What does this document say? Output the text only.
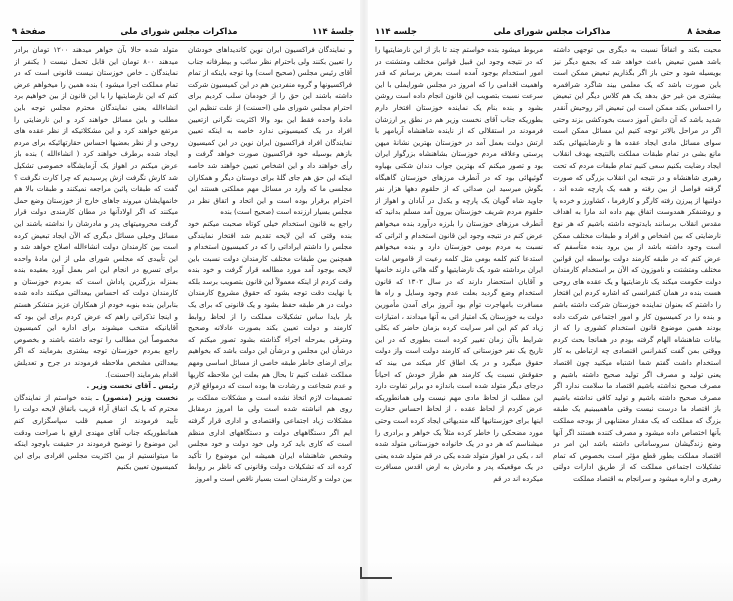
صفحهٔ ۸
مذاکرات مجلس شورای ملی
جلسه ۱۱۴

محیت بکند و اتفاقاً نسبت به دیگری بی توجهی داشته باشد همین تبعیض باعث خواهد شد که بجمع دیگر نیز بویسیله شود و حتی باز اگر بگذاریم تبعیض ممکن است باین صورت باشد که یک معلمی بیند شاگرد شرافمره بیشتری من غیر حق بدهد یک هم کلاس دیگر این تبعیض را احساس بکند ممکن است این تبعیض اثر روحیش آنقدر شدید باشد که آن دانش آموز دست بخودکشی بزند وحتی اگر در مراحل بالاتر توجه کنیم این مسائل ممکن است سوای مسائل مادی ایجاد عقده ها و نارضایتیهائی بکند مانع بشی در تمام طبقات مملکت بالنتیجه بهدف انقلاب ایجاد رضایت بکنیم سعی کنیم تمام طبقات مردم که تحت رهبری شاهنشاه و در نتیجه این انقلاب بزرگی که صورت گرفته فواصل از بین رفته و همه یک پارچه شده اند ، دولتیها از پیرزن رفته کارگر و کارفرما ، کشاورز و خرده پا و روشنفکر همدوست اتفاق بهم داده اند مارا به اهداف مقدس انقلاب برسانند بایدتوجه داشته باشیم که هر نوع نارضایتی که بین اشخاص و افراد و طبقات مختلف ممکن است وجود داشته باشد از بین برود بنده متأسفم که عرض کنم که در طبقه کارمند دولت بواسطه این قوانین مختلف ومتشتت و ناموزون که الآن بر استخدام کارمندان دولت حکومت میکند یک نارضایتیها و یک عقده های روحی هست بنده در همان کنفرانسی که اشاره کردم این افتخار را داشتم که بعنوان نماینده خوزستان شرکت داشته باشم و بنده را در کمیسیون کار و امور اجتماعی شرکت داده بودند همین موضوع قانون استخدام کشوری را که از بیانات شاهنشاه الهام گرفته بودم در همانجا بحث کردم ووقتی بمن گفت کنفرانس اقتصادی چه ارتباطی به کار استخدام داشت گفتم شما اشتباه میکنید چون اقتصاد یعنی تولید و مصرف اگر تولید صحیح داشته باشیم و مصرف صحیح نداشته باشیم اقتصاد ما سلامت ندارد اگر مصرف صحیح داشته باشیم و تولید کافی نداشته باشیم باز اقتصاد ما درست نیست وقتی ماهمیبینیم یک طبقه بزرگ که مملکت که یک مقدار معتنابهی از بودجه مملکت بآنها اختصاص داده میشود و مصرف کننده هستند اگر آنها وضع زندگیشان سروسامانی داشته باشد این امر در اقتصاد مملکت بطور قطع مؤثر است بخصوص که تمام تشکیلات اجتماعی مملکت که از طریق ادارات دولتی رهبری و اداره میشود و سرانجام به اقتصاد مملکت

مربوط میشود بنده خواستم چند تا باز از این نارضایتیها را که در نتیجه وجود این قبیل قوانین مختلف ومتشتت در امور استخدام بوجود آمده است بعرض برسانم که قدر واهمیت اقدامی را که امروز در مجلس شورایملی با این سرعت نسبت بتصویب این قانون انجام داده است روشن بشود و بنده بنام یک نماینده خوزستان افتخار دارم بطوریکه جناب آقای نخست وزیر هم در نطق پر ارزشان فرمودند در استقلالی که از ناینده شاهنشاه آریامهر با ارتش دولت بعمل آمد در خوزستان بهترین نشانهٔ میهن پرستی وعلاقه مردم خوزستان بشاهنشاه بزرگوار ایران بود و تصور میکنم که بهترین جواب دندان شکنی بهیاوه گوئیهائی بود که در آنطرف مرزهای خوزستان گاهبگاه بگوش میرسید این صدائی که از حلقوم دهها هزار نفر جاوید شاه گویان یک پارچه و یکدل در آبادان و اهواز از حلقوم مردم شریف خوزستان بیرون آمد مسلم بدانید که آنطرف مرزهای خوزستان را بلرزه درآورد بنده میخواهم عرض کنم در نتیجه وجود این قانون استخدام و اثراتی که نسبت به مردم بومی خوزستان دارد و بنده میخواهم استدعا کنم کلمه بومی مثل کلمه رعیت از قاموس لغات ایران برداشته شود یک نارضایتیها و گله هائی دارند خانمها و آقایان استحضار دارند که در سال ۱۳۰۲ که قانون استخدام وضع گردید بعلت عدم وجود وسایل و راه ها مسافرت بامهاجرت توأم بود آنروز برای آمدن مأمورین دولت به خوزستان یک امتیاز اتی به آنها میدادند ، امتیازات زیاد کم کم این امر سرایت کرده بزمان حاضر که بکلی شرایط باآن زمان تغییر کرده است بطوری که در این تاریخ یک نفر خوزستانی که کارمند دولت است واز دولت حقوق میگیرد و در یک اطاق کار میکند می بیند که حقوقش نسبت یک کارمند هم طراز خودش که احیاناً درجای دیگر متولد شده است باندازه دو برابر تفاوت دارد این مطلب از لحاظ مادی مهم نیست ولی همانطوریکه عرض کردم از لحاظ عقده ، از لحاظ احساس حقارت اینها برای خوزستانیها گله مندیهائی ایجاد کرده است وحتی مورد مضحکی را خاطر کرده مثلاً یک خواهر و برادری را میشناسم که هر دو در یک خانواده خوزستانی متولد شده اند ، یکی در اهواز متولد شده یکی در قم متولد شده یعنی در یک موقعیکه پدر و مادرش به ارض اقدس مسافرت میکرده اند در قم

جلسهٔ ۱۱۴
مذاکرات مجلس شورای ملی
صفحهٔ ۹

و نمایندگان فراکسیون ایران نوین کاندیداهای خودشان را تعیین بکنند ولی باحترام نظر سائب و بیطرفانه جناب آقای رئیس مجلس (صحیح است) وبا توجه باینکه از تمام فراکسیونها و گروه منفردین هم در این کمیسیون شرکت داشته باشند این حق را از خودمان سلب کردیم برای احترام مجلس شورای ملی (احسنت) از علت تنظیم این مادهٔ واحده فقط این بود والا اکثریت نگرانی ازتعیین افراد در یک کمیسیونی ندارد خاصه به اینکه تعیین نمایندگان افراد فراکسیون ایران نوین در این کمیسیون بازهم بوسیله خود فراکسیون صورت خواهد گرفت و رأی خواهند داد و این اشخاص تعیین خواهند شد خاصه اینکه این حق هم جای گلهٔ برای دوستان دیگر و همکاران مجلسی ما که وارد در مسائل مهم مملکتی هستند این احترام برقرار بوده است و این اتحاد و اتفاق نظر در مجلس بسیار ارزنده است (صحیح است) بنده

راجع به قانون استخدام خیلی کوتاه صحبت میکنم خود بنده وقتی که این لایحه تقدیم شد افتخار نمایندگی مجلس را داشتم ایراداتی را که در کمیسیون استخدام و همچنین بین طبقات مختلف کارمندان دولت نسبت باین لایحه بوجود آمد مورد مطالعه قرار گرفت و خود بنده وقت کردم از اینکه معمولاً این قانون بتصویب برسد بلکه با نهایت دقت توجه بشود که حقوق مشروع کارمندان دولت در هر طبقه حفظ بشود و یک قانونی که برای یک بار بایدا ساس تشکیلات مملکت را از لحاظ روابط کارمند و دولت تعیین بکند بصورت عادلانه وصحیح ومترقی بمرحله اجراء گذاشته بشود تصور میکنم که درشأن این مجلس و درشأن این دولت باشد که بخواهیم برای ارضای خاطر طبقه خاصی از مسائل اساسی ومهم مملکت غفلت کنیم تا بحال هم بعلت این ملاحظه کاریها و عدم شجاعت و رشادت ها بوده است که درمواقع لازم تصمیمات لازم اتخاذ نشده است و مشکلات مملکت بر روی هم انباشته شده است ولی ما امروز درمقابل مشکلات زیاد اجتماعی واقتصادی و اداری قرار گرفته ایم اگر دستگاههای دولت و دستگاههای اداری منظم است که کاری باید کرد ولی خود دولت و خود مجلس وشخص شاهنشاه ایران همیشه این موضوع را تأکید کرده اند که تشکیلات دولت وقانونی که ناظر بر روابط بین دولت و کارمندان است بسیار ناقص است و امروز

متولد شده حالا بآن خواهر میدهند ۱۲۰۰ تومان برادر میدهند ۸۰۰ تومان این قابل تحمل نیست ( یکنفر از نمایندگان ـ خاص خوزستان نیست قانونی است که در تمام مملکت اجرا میشود ) بنده همین را میخواهم عرض کنم که این نارضایتیها را با این قانون از بین خواهیم برد انشاءالله یعنی نمایندگان محترم مجلس توجه باین مطلب و باین مسائل خواهند کرد و این نارضایتی را مرتفع خواهند کرد و این مشکلاتیکه از نظر عقده های روحی و از نظر بعضیها احساس حقارتهائیکه برای مردم ایجاد شده برطرف خواهند کرد ( انشاءالله ) بنده باز عرض میکنم در اهواز یک آزمایشگاه خصوصی تشکیل شد کارش نگرفت ازش پرسیدیم که چرا کارت نگرفت ؟ گفت که طبقات پائین مراجعه نمیکنند و طبقات بالا هم خانمهایشان میروند جاهای خارج از خوزستان وضع حمل میکنند که اگر اولادآنها در مطان کارمندی دولت قرار گرفت محرومیتهای پدر و مادرشان را نداشته باشند این مسائل وخیلی مسائل دیگری که الآن ایجاد تبعیض کرده است بین کارمندان دولت انشاءالله اصلاح خواهد شد و این تأییدی که مجلس شورای ملی از این مادهٔ واحده برای تسریع در انجام این امر بعمل آورد بعقیده بنده بمنزله بزرگترین پاداش است که بمردم خوزستان و کارمندان دولت که احساس بیعدالتی میکنند داده شده بنابراین بنده بنوبه خودم از همکاران عزیز متشکر هستم و اینجا تذکراتی راهم که عرض کردم برای این بود که آقایانیکه منتخب میشوند برای اداره این کمیسیون مخصوصاً این مطالب را توجه داشته باشند و بخصوص راجع بمردم خوزستان توجه بیشتری بفرمایند که اگر بیعدالتی مشخص ملاحظه فرمودند در جرح و تعدیلش اقدام بفرمایند (احسنت).

رئیس ـ آقای نخست وزیر .

نخست وزیر (منصور) ـ بنده خواستم از نمایندگان محترم که با یک اتفاق آراء قریب باتفاق لایحه دولت را تأیید فرمودند از صمیم قلب سپاسگزاری کنم همانطوریکه جناب آقای مهندی ارفع با صراحت ودقت این موضوع را توضیح فرمودند در حقیقت باوجود اینکه ما میتوانستیم از بین اکثریت مجلس افرادی برای این کمیسیون تعیین بکنیم
